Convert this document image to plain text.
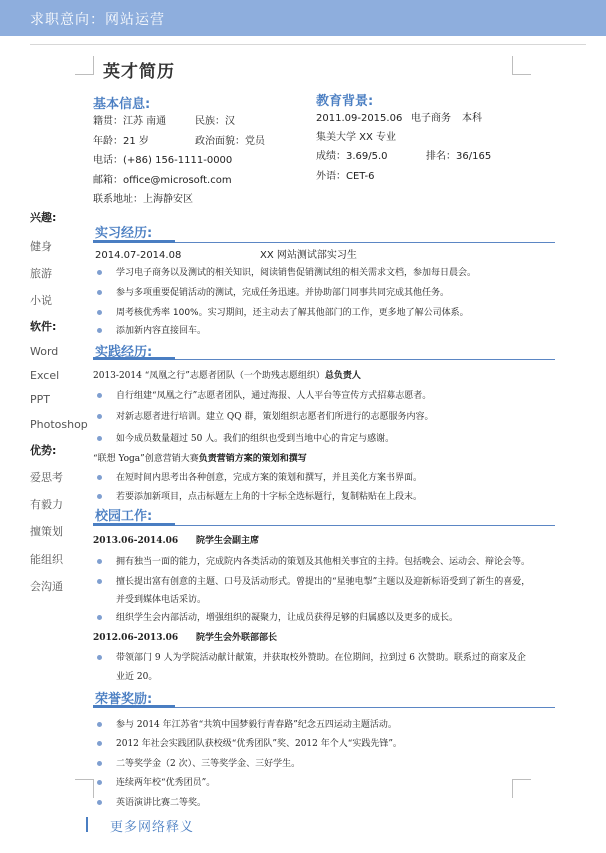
求职意向：网站运营
英才简历
基本信息:
籍贯：江苏 南通	民族：汉
年龄：21 岁	政治面貌：党员
电话：(+86) 156-1111-0000
邮箱：office@microsoft.com
联系地址：上海静安区
教育背景:
2011.09-2015.06 电子商务 本科
集美大学 XX 专业
成绩：3.69/5.0	排名：36/165
外语：CET-6
兴趣:
健身
旅游
小说
软件:
Word
Excel
PPT
Photoshop
优势:
爱思考
有毅力
擅策划
能组织
会沟通
实习经历:
2014.07-2014.08	XX 网站测试部实习生
学习电子商务以及测试的相关知识，阅读销售促销测试组的相关需求文档，参加每日晨会。
参与多项重要促销活动的测试，完成任务迅速。并协助部门同事共同完成其他任务。
周考核优秀率 100%。实习期间，还主动去了解其他部门的工作，更多地了解公司体系。
添加新内容直接回车。
实践经历:
2013-2014 “凤凰之行”志愿者团队（一个助残志愿组织）总负责人
自行组建“凤凰之行”志愿者团队，通过海报、人人平台等宣传方式招募志愿者。
对新志愿者进行培训。建立 QQ 群，策划组织志愿者们所进行的志愿服务内容。
如今成员数量超过 50 人。我们的组织也受到当地中心的肯定与感谢。
“联想 Yoga”创意营销大赛负责营销方案的策划和撰写
在短时间内思考出各种创意，完成方案的策划和撰写，并且美化方案书界面。
若要添加新项目，点击标题左上角的十字标全选标题行，复制粘贴在上段末。
校园工作:
2013.06-2014.06 院学生会副主席
拥有独当一面的能力，完成院内各类活动的策划及其他相关事宜的主持。包括晚会、运动会、辩论会等。
擅长提出富有创意的主题、口号及活动形式。曾提出的“星驰电掣”主题以及迎新标语受到了新生的喜爱，
并受到媒体电话采访。
组织学生会内部活动，增强组织的凝聚力，让成员获得足够的归属感以及更多的成长。
2012.06-2013.06 院学生会外联部部长
带领部门 9 人为学院活动献计献策，并获取校外赞助。在位期间，拉到过 6 次赞助。联系过的商家及企
业近 20。
荣誉奖励:
参与 2014 年江苏省“共筑中国梦毅行青春路”纪念五四运动主题活动。
2012 年社会实践团队获校级“优秀团队”奖、2012 年个人“实践先锋”。
二等奖学金（2 次）、三等奖学金、三好学生。
连续两年校“优秀团员”。
英语演讲比赛二等奖。
更多网络释义
